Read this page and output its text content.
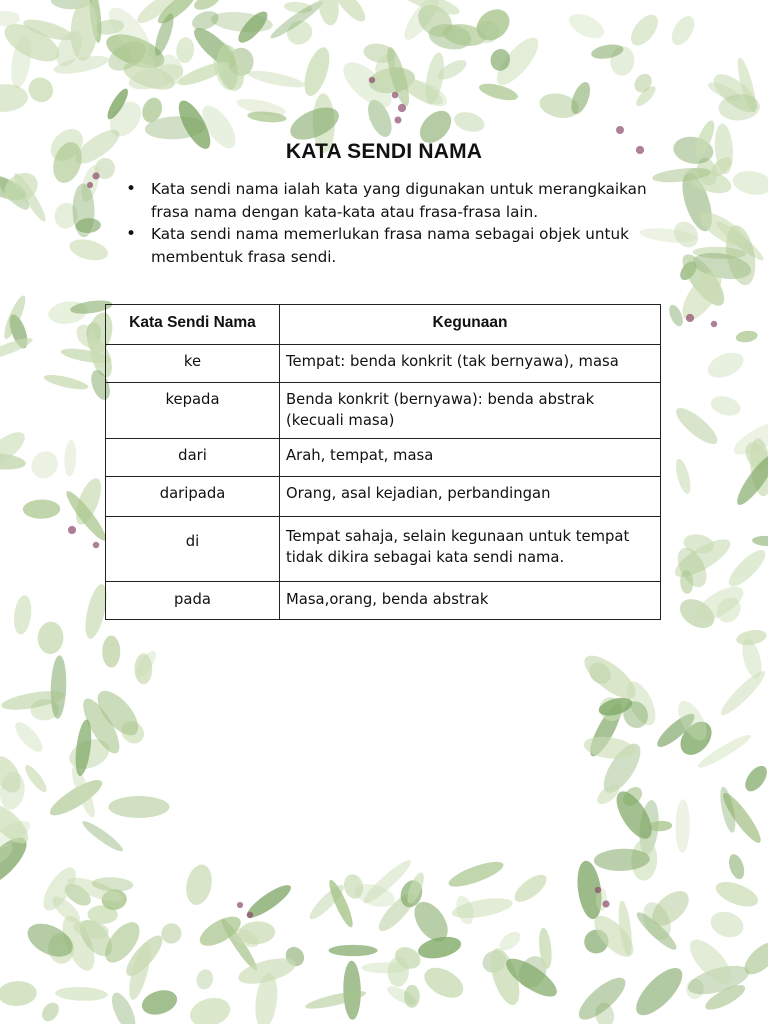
KATA SENDI NAMA
• Kata sendi nama ialah kata yang digunakan untuk merangkaikan frasa nama dengan kata-kata atau frasa-frasa lain.
• Kata sendi nama memerlukan frasa nama sebagai objek untuk membentuk frasa sendi.
Kata Sendi Nama	Kegunaan
ke	Tempat: benda konkrit (tak bernyawa), masa
kepada	Benda konkrit (bernyawa): benda abstrak (kecuali masa)
dari	Arah, tempat, masa
daripada	Orang, asal kejadian, perbandingan
di	Tempat sahaja, selain kegunaan untuk tempat tidak dikira sebagai kata sendi nama.
pada	Masa,orang, benda abstrak
